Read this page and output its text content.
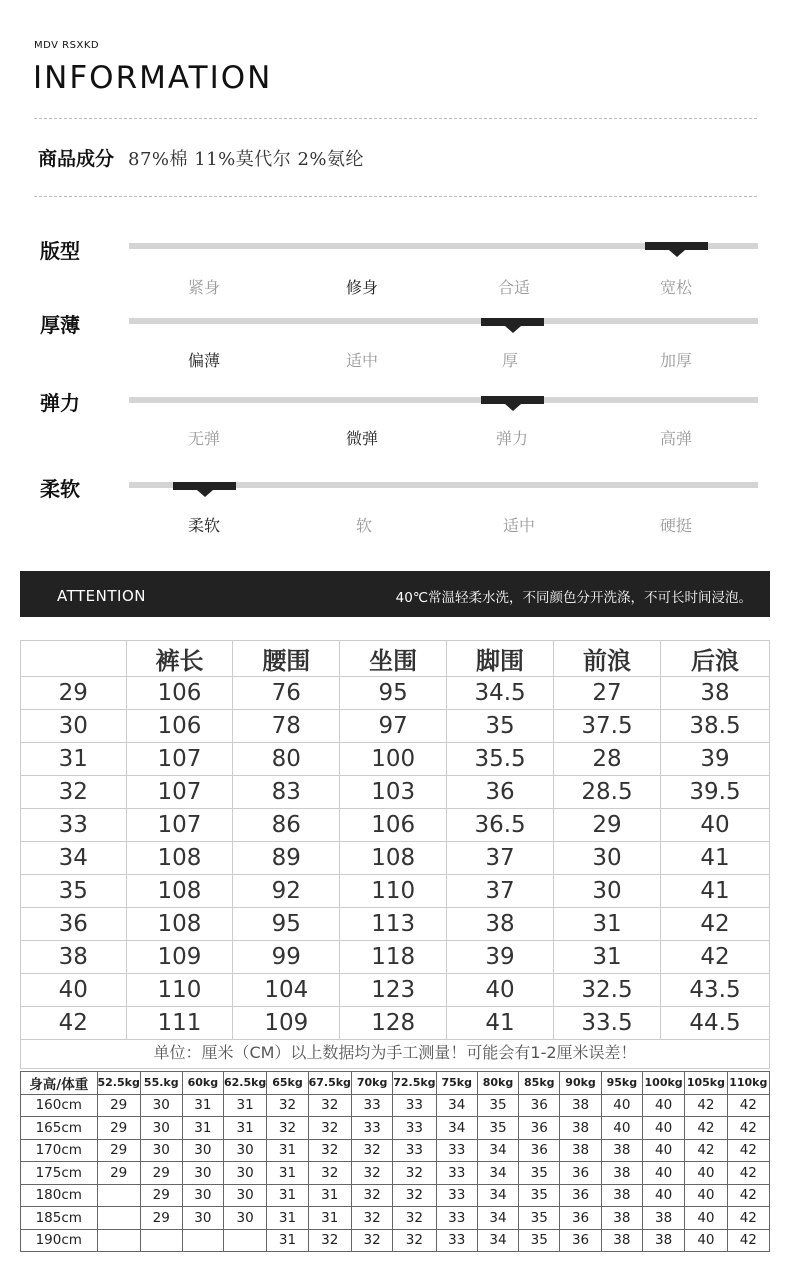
MDV RSXKD
INFORMATION
商品成分 87%棉 11%莫代尔 2%氨纶
版型
紧身	修身	合适	宽松
厚薄
偏薄	适中	厚	加厚
弹力
无弹	微弹	弹力	高弹
柔软
柔软	软	适中	硬挺
ATTENTION	40℃常温轻柔水洗，不同颜色分开洗涤，不可长时间浸泡。
	裤长	腰围	坐围	脚围	前浪	后浪
29	106	76	95	34.5	27	38
30	106	78	97	35	37.5	38.5
31	107	80	100	35.5	28	39
32	107	83	103	36	28.5	39.5
33	107	86	106	36.5	29	40
34	108	89	108	37	30	41
35	108	92	110	37	30	41
36	108	95	113	38	31	42
38	109	99	118	39	31	42
40	110	104	123	40	32.5	43.5
42	111	109	128	41	33.5	44.5
单位：厘米（CM）以上数据均为手工测量！可能会有1-2厘米误差！
身高/体重	52.5kg	55.kg	60kg	62.5kg	65kg	67.5kg	70kg	72.5kg	75kg	80kg	85kg	90kg	95kg	100kg	105kg	110kg
160cm	29	30	31	31	32	32	33	33	34	35	36	38	40	40	42	42
165cm	29	30	31	31	32	32	33	33	34	35	36	38	40	40	42	42
170cm	29	30	30	30	31	32	32	33	33	34	36	38	38	40	42	42
175cm	29	29	30	30	31	32	32	32	33	34	35	36	38	40	40	42
180cm		29	30	30	31	31	32	32	33	34	35	36	38	40	40	42
185cm		29	30	30	31	31	32	32	33	34	35	36	38	38	40	42
190cm					31	32	32	32	33	34	35	36	38	38	40	42
